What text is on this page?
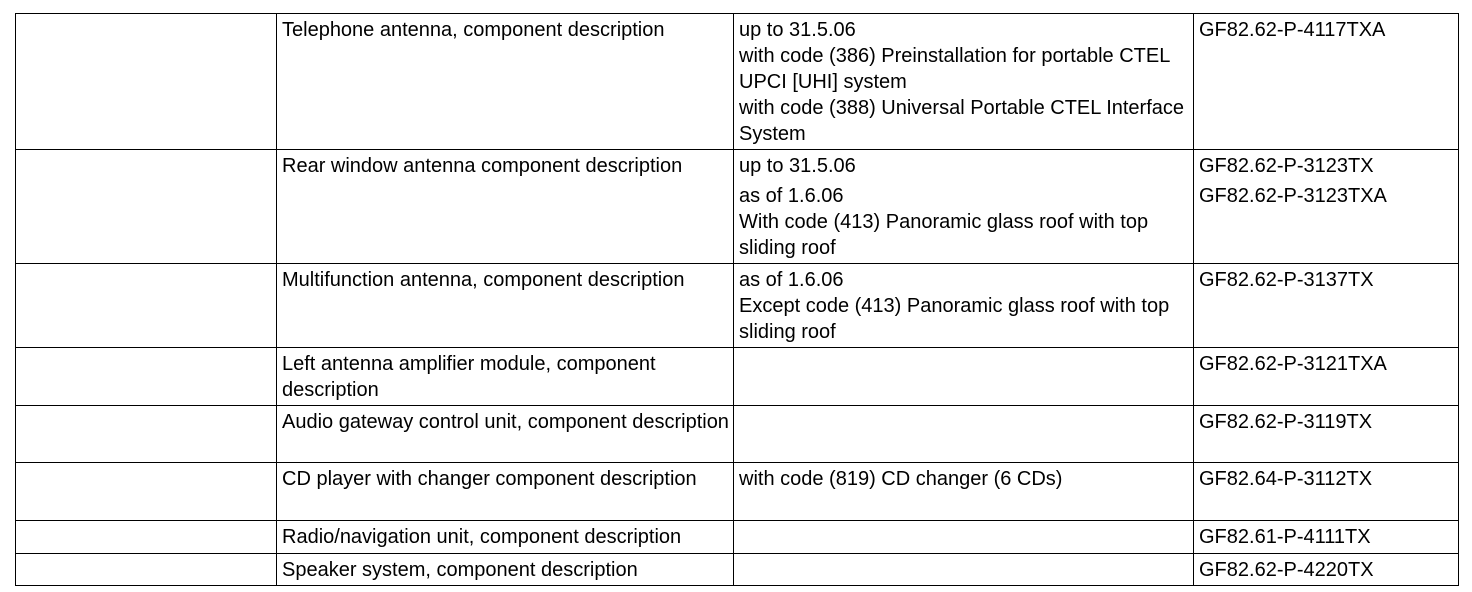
	Telephone antenna, component description	up to 31.5.06
with code (386) Preinstallation for portable CTEL UPCI [UHI] system
with code (388) Universal Portable CTEL Interface System	GF82.62-P-4117TXA

	Rear window antenna component description	up to 31.5.06
as of 1.6.06
With code (413) Panoramic glass roof with top sliding roof	GF82.62-P-3123TX
GF82.62-P-3123TXA

	Multifunction antenna, component description	as of 1.6.06
Except code (413) Panoramic glass roof with top sliding roof	GF82.62-P-3137TX

	Left antenna amplifier module, component description		GF82.62-P-3121TXA

	Audio gateway control unit, component description		GF82.62-P-3119TX

	CD player with changer component description	with code (819) CD changer (6 CDs)	GF82.64-P-3112TX

	Radio/navigation unit, component description		GF82.61-P-4111TX

	Speaker system, component description		GF82.62-P-4220TX
